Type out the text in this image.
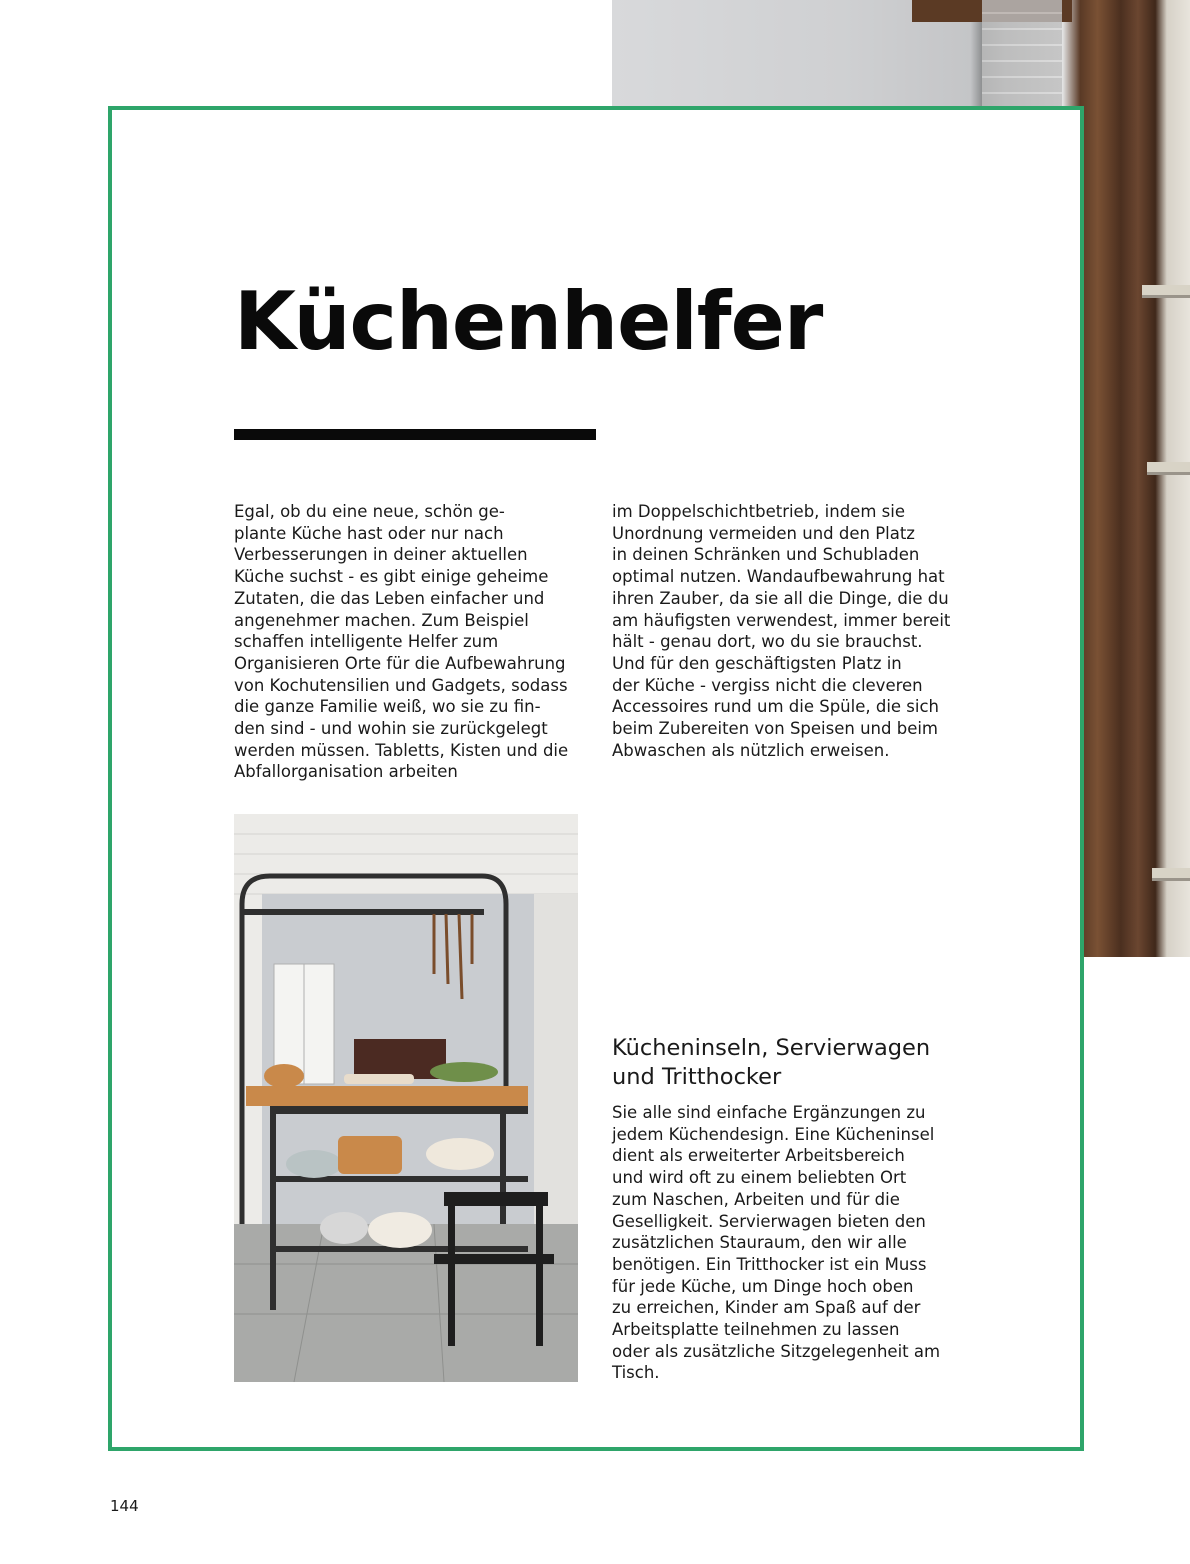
Küchenhelfer
Egal, ob du eine neue, schön ge-
plante Küche hast oder nur nach
Verbesserungen in deiner aktuellen
Küche suchst - es gibt einige geheime
Zutaten, die das Leben einfacher und
angenehmer machen. Zum Beispiel
schaffen intelligente Helfer zum
Organisieren Orte für die Aufbewahrung
von Kochutensilien und Gadgets, sodass
die ganze Familie weiß, wo sie zu fin-
den sind - und wohin sie zurückgelegt
werden müssen. Tabletts, Kisten und die
Abfallorganisation arbeiten
im Doppelschichtbetrieb, indem sie
Unordnung vermeiden und den Platz
in deinen Schränken und Schubladen
optimal nutzen. Wandaufbewahrung hat
ihren Zauber, da sie all die Dinge, die du
am häufigsten verwendest, immer bereit
hält - genau dort, wo du sie brauchst.
Und für den geschäftigsten Platz in
der Küche - vergiss nicht die cleveren
Accessoires rund um die Spüle, die sich
beim Zubereiten von Speisen und beim
Abwaschen als nützlich erweisen.
Kücheninseln, Servierwagen
und Tritthocker
Sie alle sind einfache Ergänzungen zu
jedem Küchendesign. Eine Kücheninsel
dient als erweiterter Arbeitsbereich
und wird oft zu einem beliebten Ort
zum Naschen, Arbeiten und für die
Geselligkeit. Servierwagen bieten den
zusätzlichen Stauraum, den wir alle
benötigen. Ein Tritthocker ist ein Muss
für jede Küche, um Dinge hoch oben
zu erreichen, Kinder am Spaß auf der
Arbeitsplatte teilnehmen zu lassen
oder als zusätzliche Sitzgelegenheit am
Tisch.
144
